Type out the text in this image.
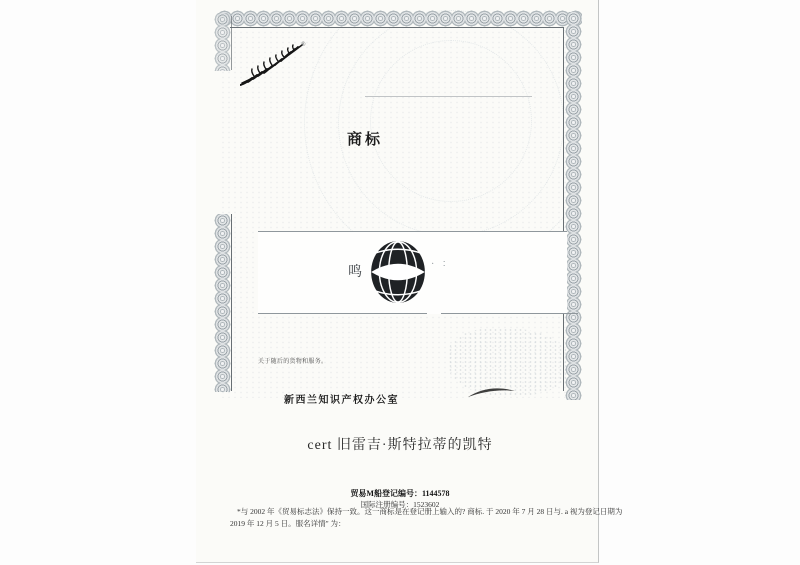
®
商标
鸣
· ∶
关于随后的货物和服务。
新西兰知识产权办公室
cert 旧雷吉·斯特拉蒂的凯特
贸易M船登记编号：1144578
国际注册编号：1523602
*与 2002 年《贸易标志法》保持一致。这一商标是在登记册上输入的? 商标. 于 2020 年 7 月 28 日与. a 视为登记日期为
2019 年 12 月 5 日。服名详情" 为：
